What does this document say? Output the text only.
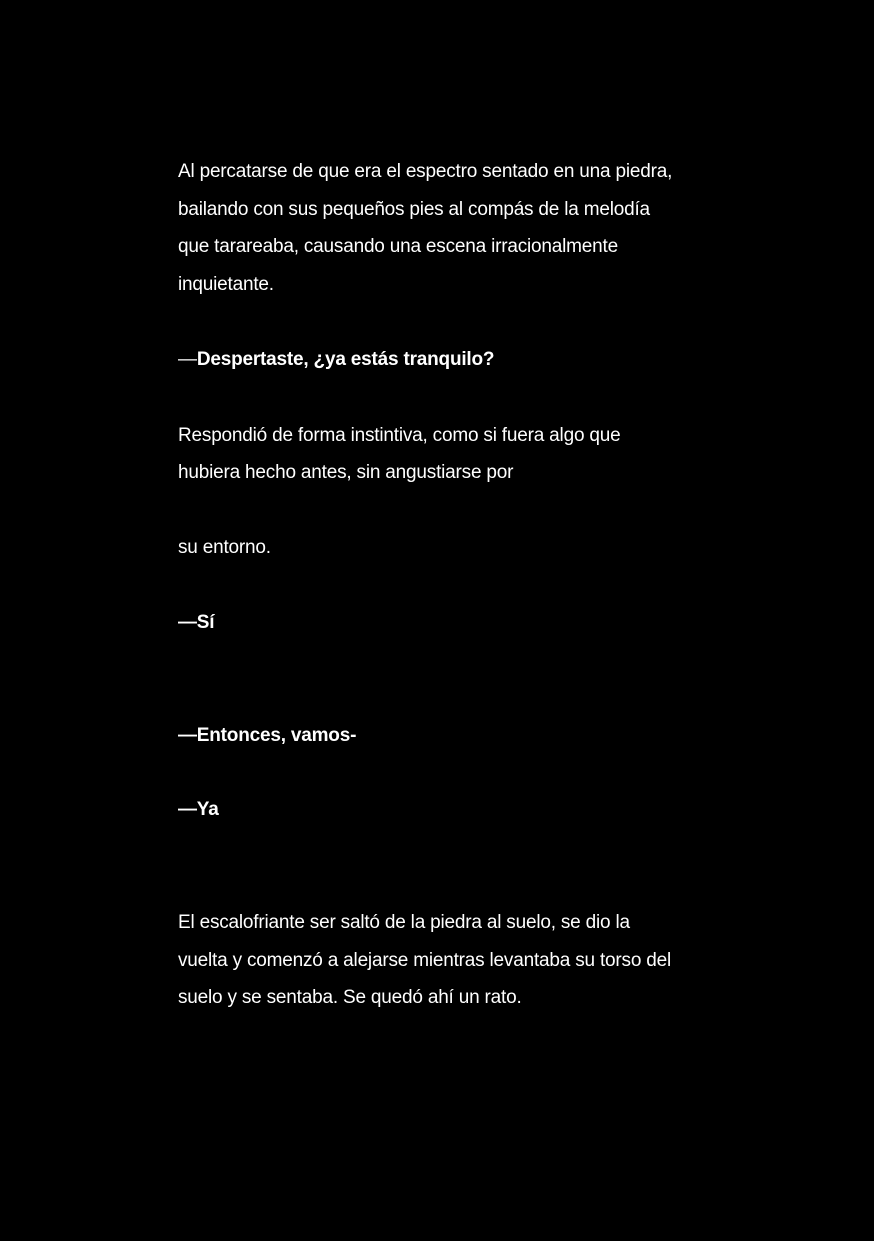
Al percatarse de que era el espectro sentado en una piedra,

bailando con sus pequeños pies al compás de la melodía

que tarareaba, causando una escena irracionalmente

inquietante.

—Despertaste, ¿ya estás tranquilo?

Respondió de forma instintiva, como si fuera algo que

hubiera hecho antes, sin angustiarse por

su entorno.

—Sí

—Entonces, vamos-

—Ya

El escalofriante ser saltó de la piedra al suelo, se dio la

vuelta y comenzó a alejarse mientras levantaba su torso del

suelo y se sentaba. Se quedó ahí un rato.
